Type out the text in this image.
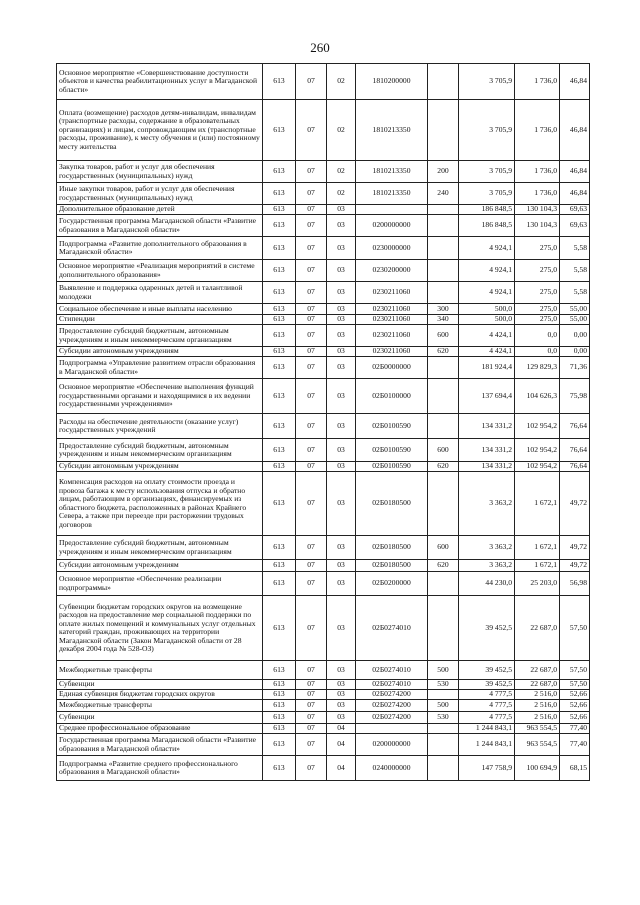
260
Основное мероприятие «Совершенствование доступности объектов и качества реабилитационных услуг в Магаданской области»	613	07	02	1810200000		3 705,9	1 736,0	46,84
Оплата (возмещение) расходов детям-инвалидам, инвалидам (транспортные расходы, содержание в образовательных организациях) и лицам, сопровождающим их (транспортные расходы, проживание), к месту обучения и (или) постоянному месту жительства	613	07	02	1810213350		3 705,9	1 736,0	46,84
Закупка товаров, работ и услуг для обеспечения государственных (муниципальных) нужд	613	07	02	1810213350	200	3 705,9	1 736,0	46,84
Иные закупки товаров, работ и услуг для обеспечения государственных (муниципальных) нужд	613	07	02	1810213350	240	3 705,9	1 736,0	46,84
Дополнительное образование детей	613	07	03			186 848,5	130 104,3	69,63
Государственная программа Магаданской области «Развитие образования в Магаданской области»	613	07	03	0200000000		186 848,5	130 104,3	69,63
Подпрограмма «Развитие дополнительного образования в Магаданской области»	613	07	03	0230000000		4 924,1	275,0	5,58
Основное мероприятие «Реализация мероприятий в системе дополнительного образования»	613	07	03	0230200000		4 924,1	275,0	5,58
Выявление и поддержка одаренных детей и талантливой молодежи	613	07	03	0230211060		4 924,1	275,0	5,58
Социальное обеспечение и иные выплаты населению	613	07	03	0230211060	300	500,0	275,0	55,00
Стипендии	613	07	03	0230211060	340	500,0	275,0	55,00
Предоставление субсидий бюджетным, автономным учреждениям и иным некоммерческим организациям	613	07	03	0230211060	600	4 424,1	0,0	0,00
Субсидии автономным учреждениям	613	07	03	0230211060	620	4 424,1	0,0	0,00
Подпрограмма «Управление развитием отрасли образования в Магаданской области»	613	07	03	02Б0000000		181 924,4	129 829,3	71,36
Основное мероприятие «Обеспечение выполнения функций государственными органами и находящимися в их ведении государственными учреждениями»	613	07	03	02Б0100000		137 694,4	104 626,3	75,98
Расходы на обеспечение деятельности (оказание услуг) государственных учреждений	613	07	03	02Б0100590		134 331,2	102 954,2	76,64
Предоставление субсидий бюджетным, автономным учреждениям и иным некоммерческим организациям	613	07	03	02Б0100590	600	134 331,2	102 954,2	76,64
Субсидии автономным учреждениям	613	07	03	02Б0100590	620	134 331,2	102 954,2	76,64
Компенсация расходов на оплату стоимости проезда и провоза багажа к месту использования отпуска и обратно лицам, работающим в организациях, финансируемых из областного бюджета, расположенных в районах Крайнего Севера, а также при переезде при расторжении трудовых договоров	613	07	03	02Б0180500		3 363,2	1 672,1	49,72
Предоставление субсидий бюджетным, автономным учреждениям и иным некоммерческим организациям	613	07	03	02Б0180500	600	3 363,2	1 672,1	49,72
Субсидии автономным учреждениям	613	07	03	02Б0180500	620	3 363,2	1 672,1	49,72
Основное мероприятие «Обеспечение реализации подпрограммы»	613	07	03	02Б0200000		44 230,0	25 203,0	56,98
Субвенции бюджетам городских округов на возмещение расходов на предоставление мер социальной поддержки по оплате жилых помещений и коммунальных услуг отдельных категорий граждан, проживающих на территории Магаданской области (Закон Магаданской области от 28 декабря 2004 года № 528-ОЗ)	613	07	03	02Б0274010		39 452,5	22 687,0	57,50
Межбюджетные трансферты	613	07	03	02Б0274010	500	39 452,5	22 687,0	57,50
Субвенции	613	07	03	02Б0274010	530	39 452,5	22 687,0	57,50
Единая субвенция бюджетам городских округов	613	07	03	02Б0274200		4 777,5	2 516,0	52,66
Межбюджетные трансферты	613	07	03	02Б0274200	500	4 777,5	2 516,0	52,66
Субвенции	613	07	03	02Б0274200	530	4 777,5	2 516,0	52,66
Среднее профессиональное образование	613	07	04			1 244 843,1	963 554,5	77,40
Государственная программа Магаданской области «Развитие образования в Магаданской области»	613	07	04	0200000000		1 244 843,1	963 554,5	77,40
Подпрограмма «Развитие среднего профессионального образования в Магаданской области»	613	07	04	0240000000		147 758,9	100 694,9	68,15
